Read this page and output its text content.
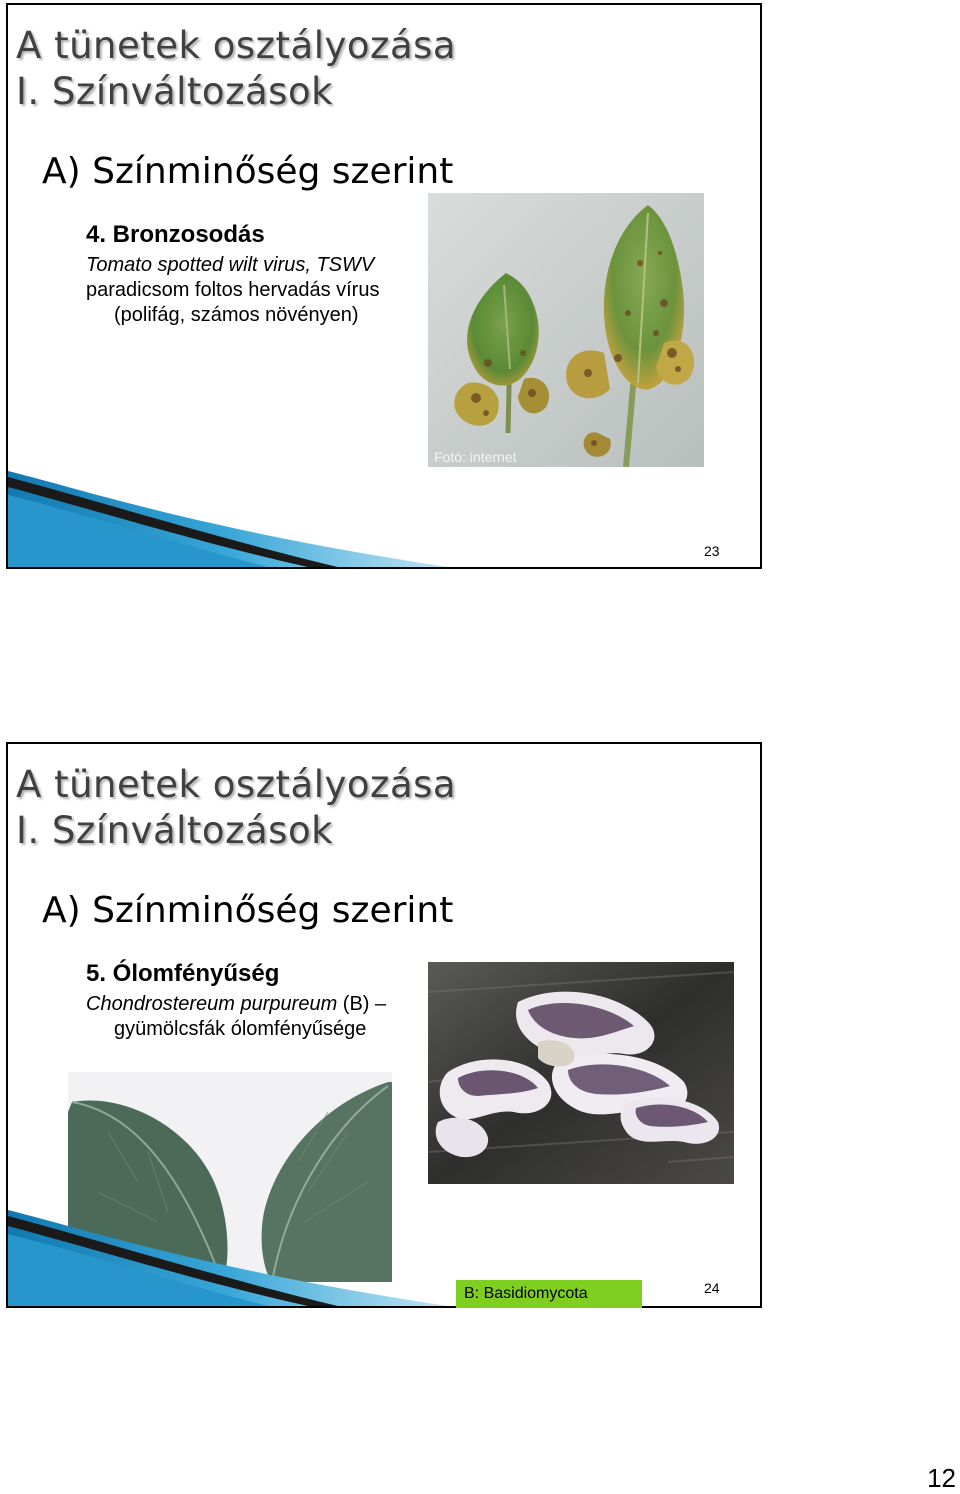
A tünetek osztályozása
I. Színváltozások
A) Színminőség szerint
4. Bronzosodás
Tomato spotted wilt virus, TSWV
paradicsom foltos hervadás vírus
(polifág, számos növényen)
Fotó: internet
23
A tünetek osztályozása
I. Színváltozások
A) Színminőség szerint
5. Ólomfényűség
Chondrostereum purpureum (B) –
gyümölcsfák ólomfényűsége
24
B: Basidiomycota
12
